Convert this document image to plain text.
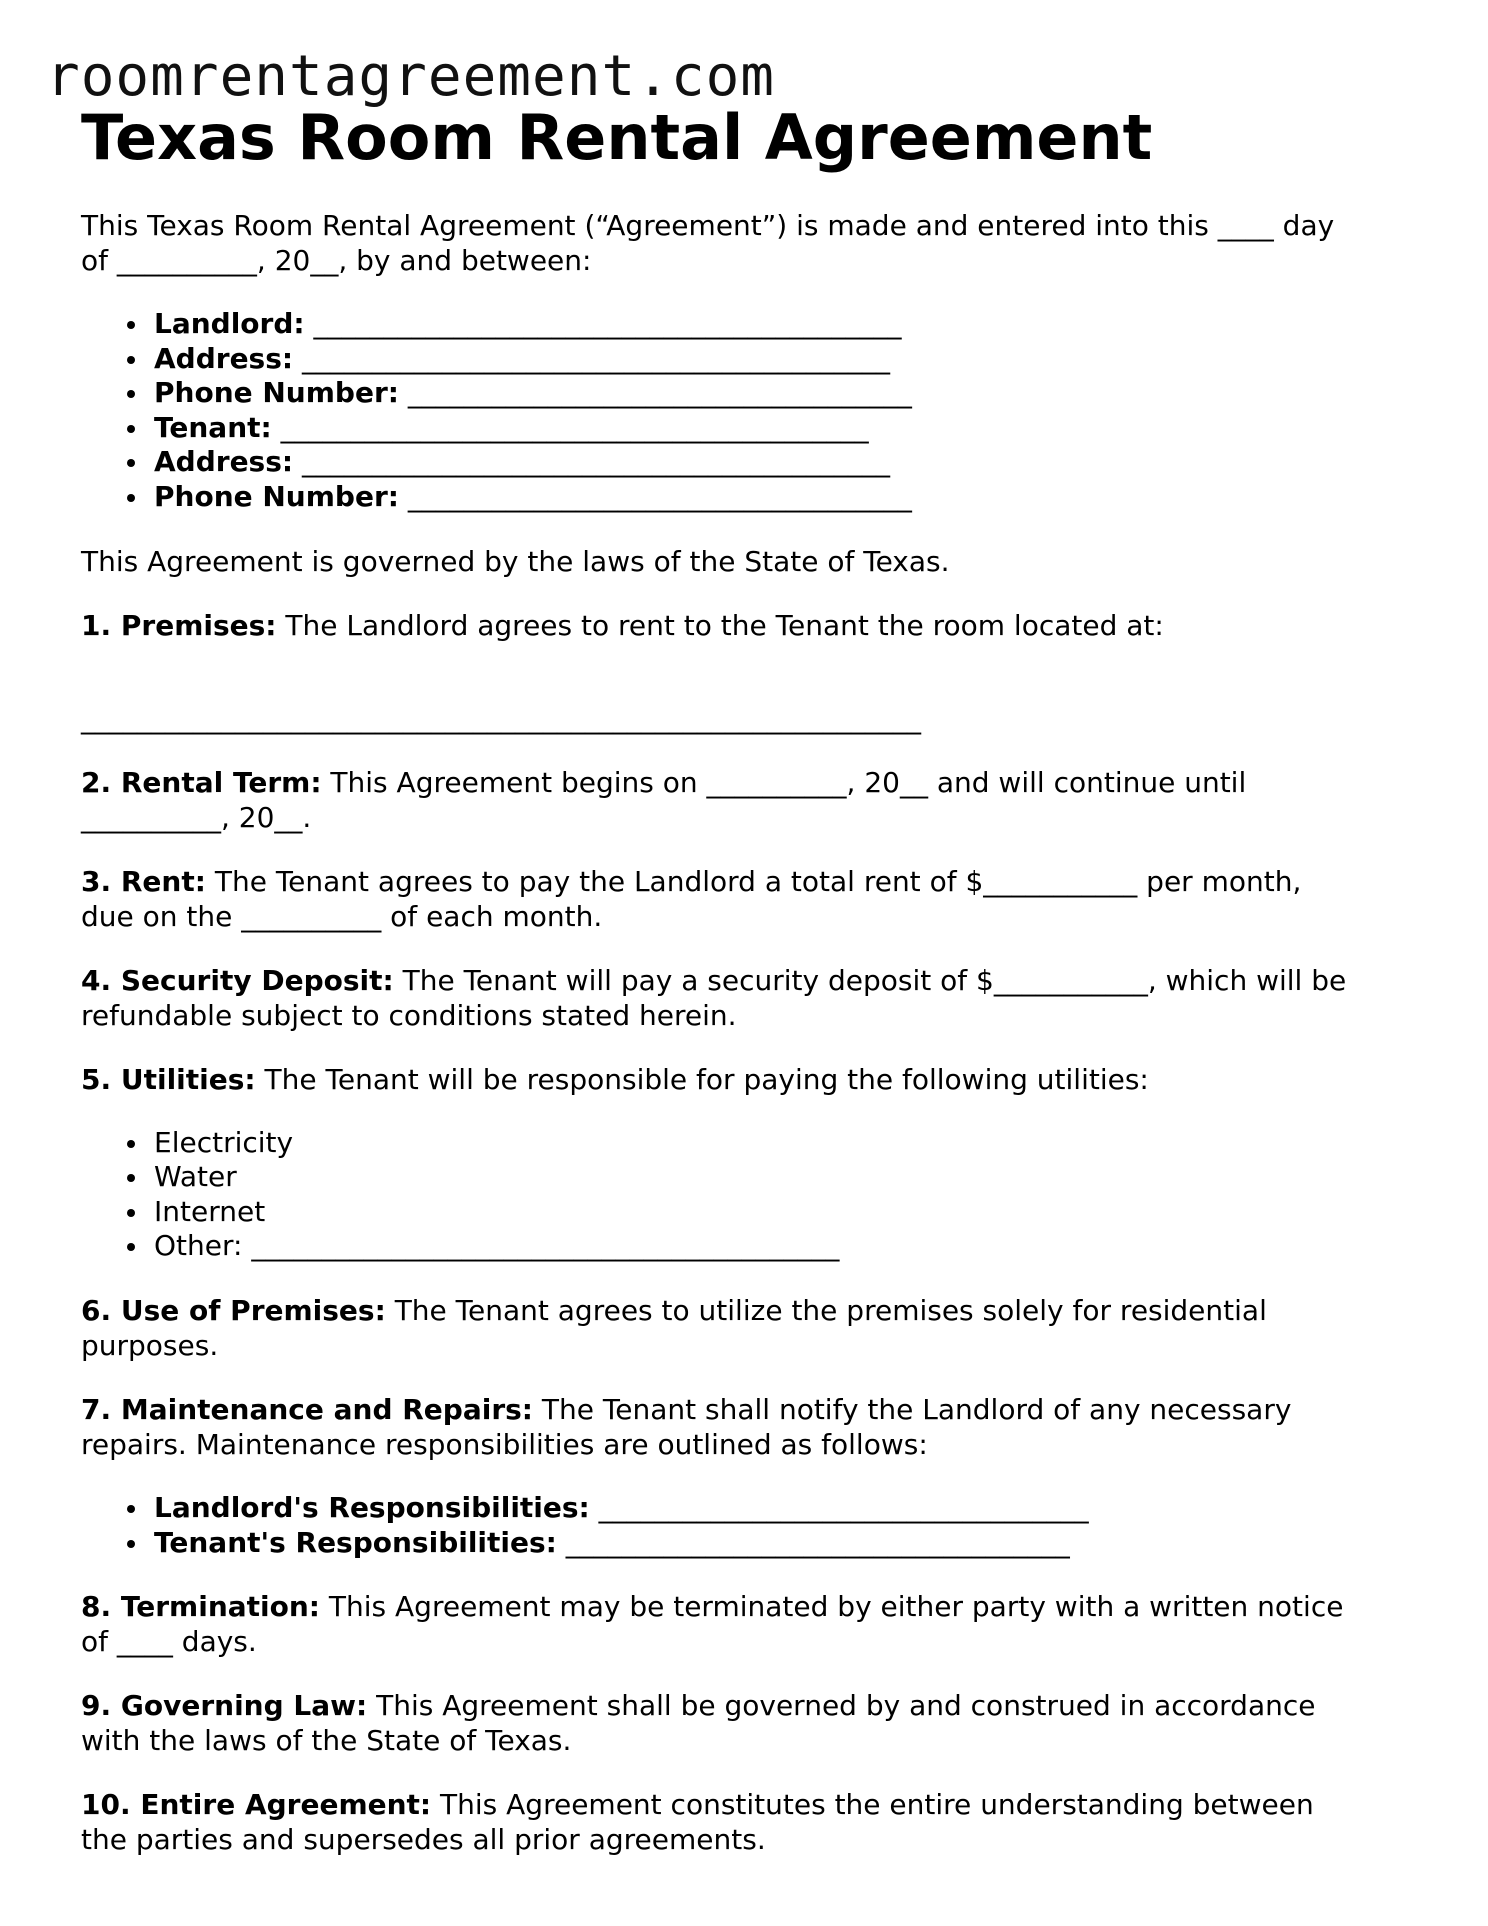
roomrentagreement.com
Texas Room Rental Agreement
This Texas Room Rental Agreement (“Agreement”) is made and entered into this ____ day
of __________, 20__, by and between:
Landlord: __________________________________________
Address: __________________________________________
Phone Number: ____________________________________
Tenant: __________________________________________
Address: __________________________________________
Phone Number: ____________________________________
This Agreement is governed by the laws of the State of Texas.
1. Premises: The Landlord agrees to rent to the Tenant the room located at:
____________________________________________________________
2. Rental Term: This Agreement begins on __________, 20__ and will continue until
__________, 20__.
3. Rent: The Tenant agrees to pay the Landlord a total rent of $___________ per month,
due on the __________ of each month.
4. Security Deposit: The Tenant will pay a security deposit of $___________, which will be
refundable subject to conditions stated herein.
5. Utilities: The Tenant will be responsible for paying the following utilities:
Electricity
Water
Internet
Other: __________________________________________
6. Use of Premises: The Tenant agrees to utilize the premises solely for residential
purposes.
7. Maintenance and Repairs: The Tenant shall notify the Landlord of any necessary
repairs. Maintenance responsibilities are outlined as follows:
Landlord's Responsibilities: ___________________________________
Tenant's Responsibilities: ____________________________________
8. Termination: This Agreement may be terminated by either party with a written notice
of ____ days.
9. Governing Law: This Agreement shall be governed by and construed in accordance
with the laws of the State of Texas.
10. Entire Agreement: This Agreement constitutes the entire understanding between
the parties and supersedes all prior agreements.
